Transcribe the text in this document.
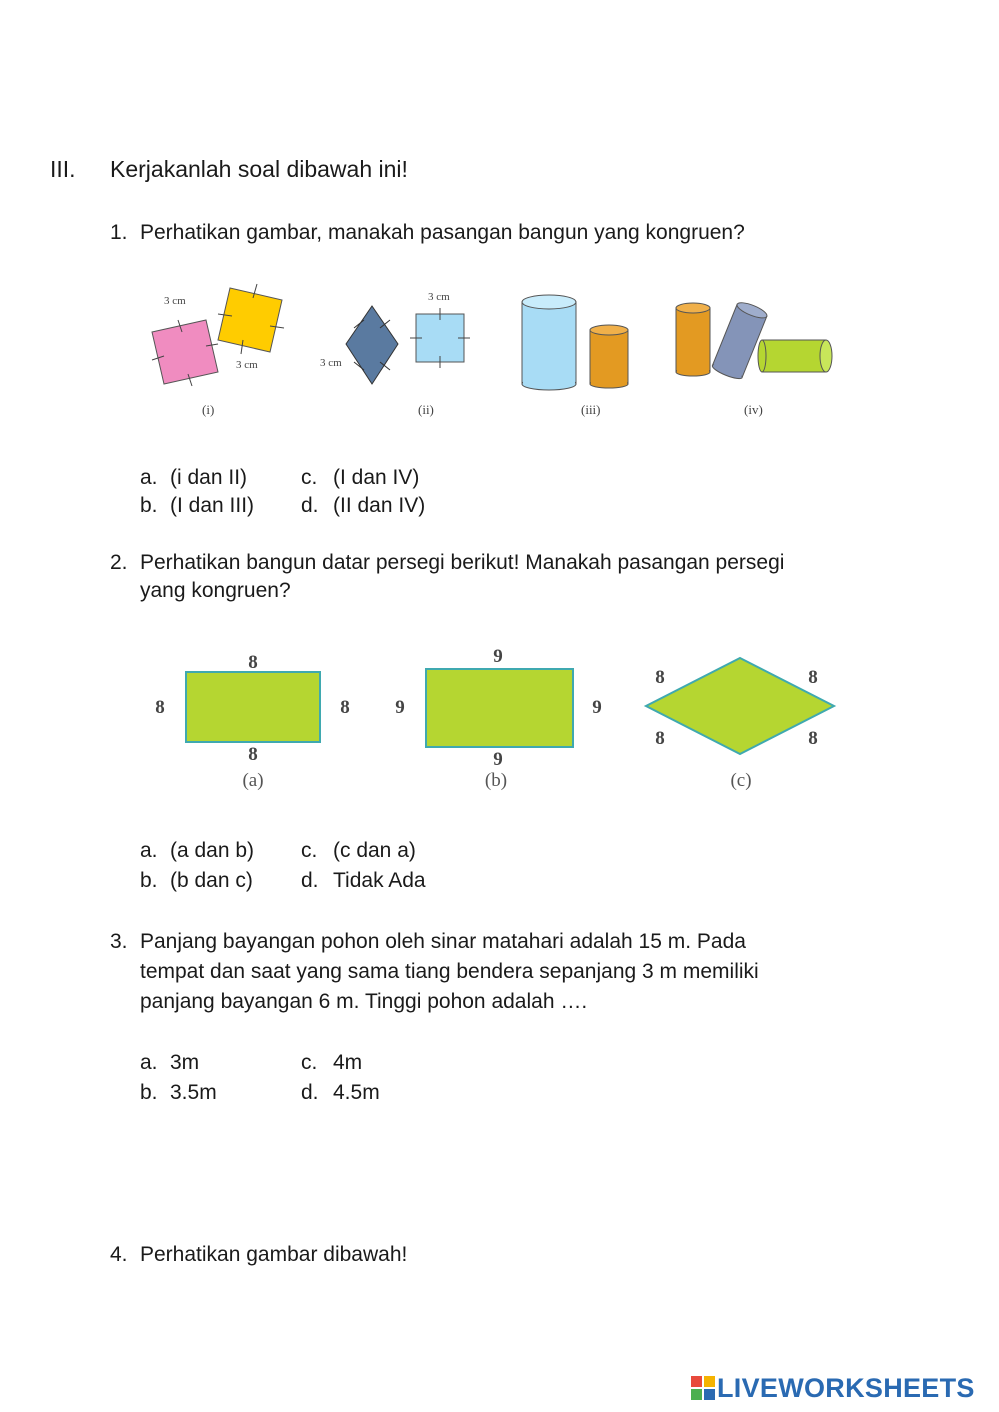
III. Kerjakanlah soal dibawah ini!
1. Perhatikan gambar, manakah pasangan bangun yang kongruen?
3 cm
3 cm	3 cm
3 cm
(i)	(ii)	(iii)	(iv)
a. (i dan II)
b. (I dan III)
c. (I dan IV)
d. (II dan IV)
2. Perhatikan bangun datar persegi berikut! Manakah pasangan persegi
yang kongruen?
8
8	8
8
(a)
9
9	9
9
(b)
8	8
8	8
(c)
a. (a dan b)
b. (b dan c)
c. (c dan a)
d. Tidak Ada
3. Panjang bayangan pohon oleh sinar matahari adalah 15 m. Pada
tempat dan saat yang sama tiang bendera sepanjang 3 m memiliki
panjang bayangan 6 m. Tinggi pohon adalah ….
a. 3m
b. 3.5m
c. 4m
d. 4.5m
4. Perhatikan gambar dibawah!
LIVEWORKSHEETS
